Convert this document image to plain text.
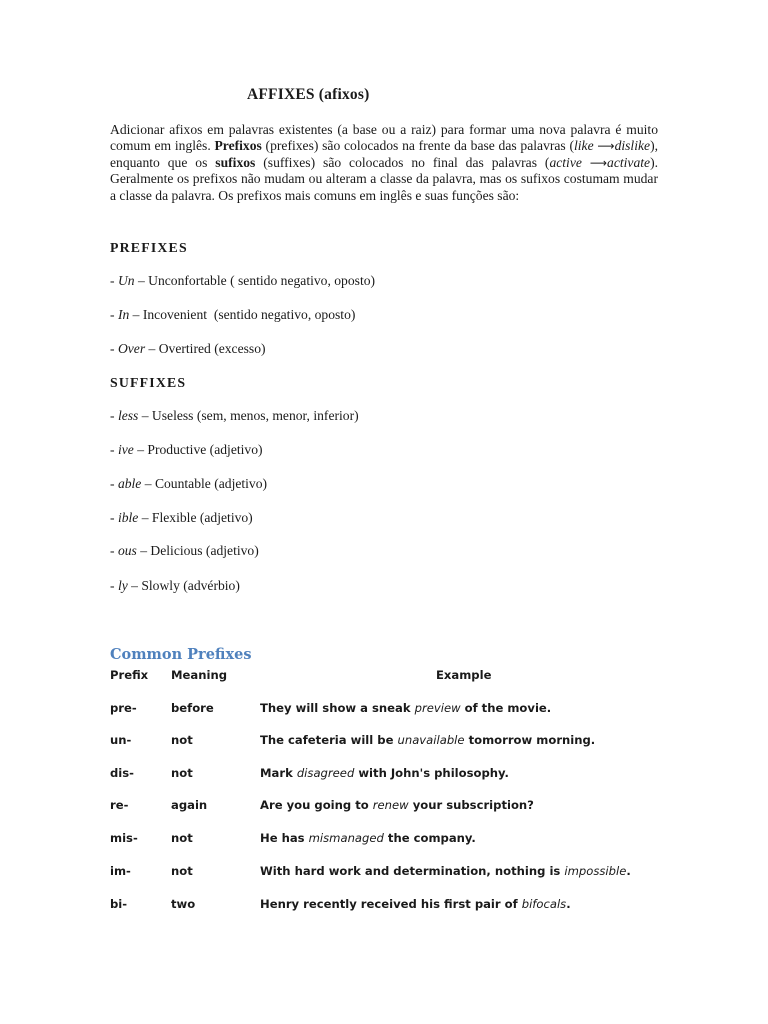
AFFIXES (afixos)
Adicionar afixos em palavras existentes (a base ou a raiz) para formar uma nova palavra é muito comum em inglês. Prefixos (prefixes) são colocados na frente da base das palavras (like ⟶dislike), enquanto que os sufixos (suffixes) são colocados no final das palavras (active ⟶activate). Geralmente os prefixos não mudam ou alteram a classe da palavra, mas os sufixos costumam mudar a classe da palavra. Os prefixos mais comuns em inglês e suas funções são:
PREFIXES
- Un – Unconfortable ( sentido negativo, oposto)
- In – Incovenient  (sentido negativo, oposto)
- Over – Overtired (excesso)
SUFFIXES
- less – Useless (sem, menos, menor, inferior)
- ive – Productive (adjetivo)
- able – Countable (adjetivo)
- ible – Flexible (adjetivo)
- ous – Delicious (adjetivo)
- ly – Slowly (advérbio)
Common Prefixes
Prefix Meaning	Example
pre-	before	They will show a sneak preview of the movie.
un-	not	The cafeteria will be unavailable tomorrow morning.
dis-	not	Mark disagreed with John's philosophy.
re-	again	Are you going to renew your subscription?
mis-	not	He has mismanaged the company.
im-	not	With hard work and determination, nothing is impossible.
bi-	two	Henry recently received his first pair of bifocals.
